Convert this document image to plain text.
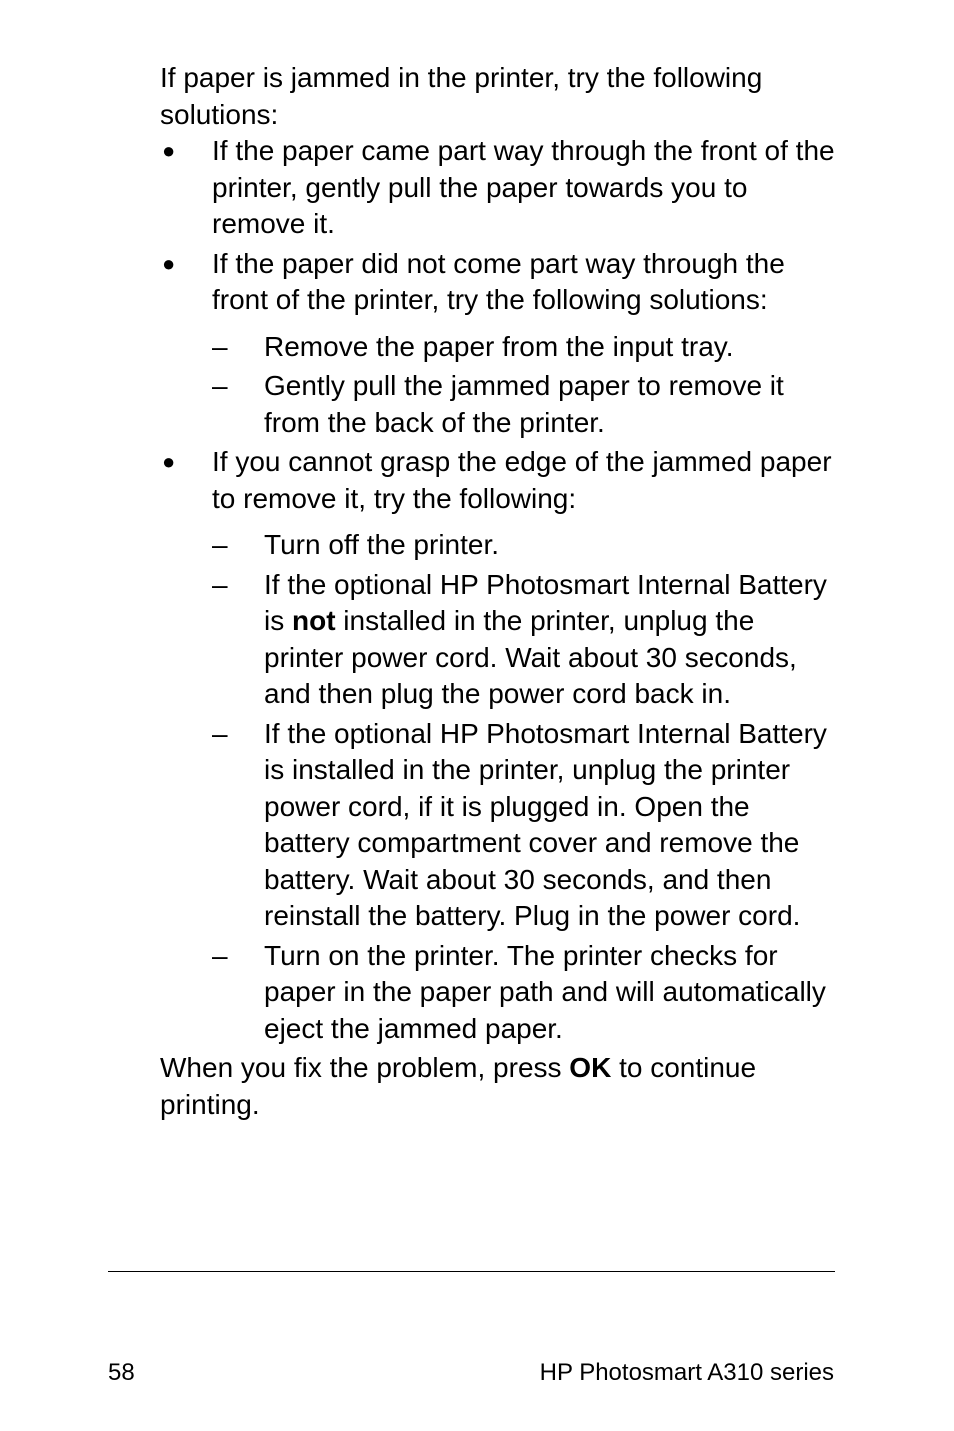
If paper is jammed in the printer, try the following solutions:

● If the paper came part way through the front of the printer, gently pull the paper towards you to remove it.
● If the paper did not come part way through the front of the printer, try the following solutions:
– Remove the paper from the input tray.
– Gently pull the jammed paper to remove it from the back of the printer.
● If you cannot grasp the edge of the jammed paper to remove it, try the following:
– Turn off the printer.
– If the optional HP Photosmart Internal Battery is not installed in the printer, unplug the printer power cord. Wait about 30 seconds, and then plug the power cord back in.
– If the optional HP Photosmart Internal Battery is installed in the printer, unplug the printer power cord, if it is plugged in. Open the battery compartment cover and remove the battery. Wait about 30 seconds, and then reinstall the battery. Plug in the power cord.
– Turn on the printer. The printer checks for paper in the paper path and will automatically eject the jammed paper.

When you fix the problem, press OK to continue printing.

58	HP Photosmart A310 series
